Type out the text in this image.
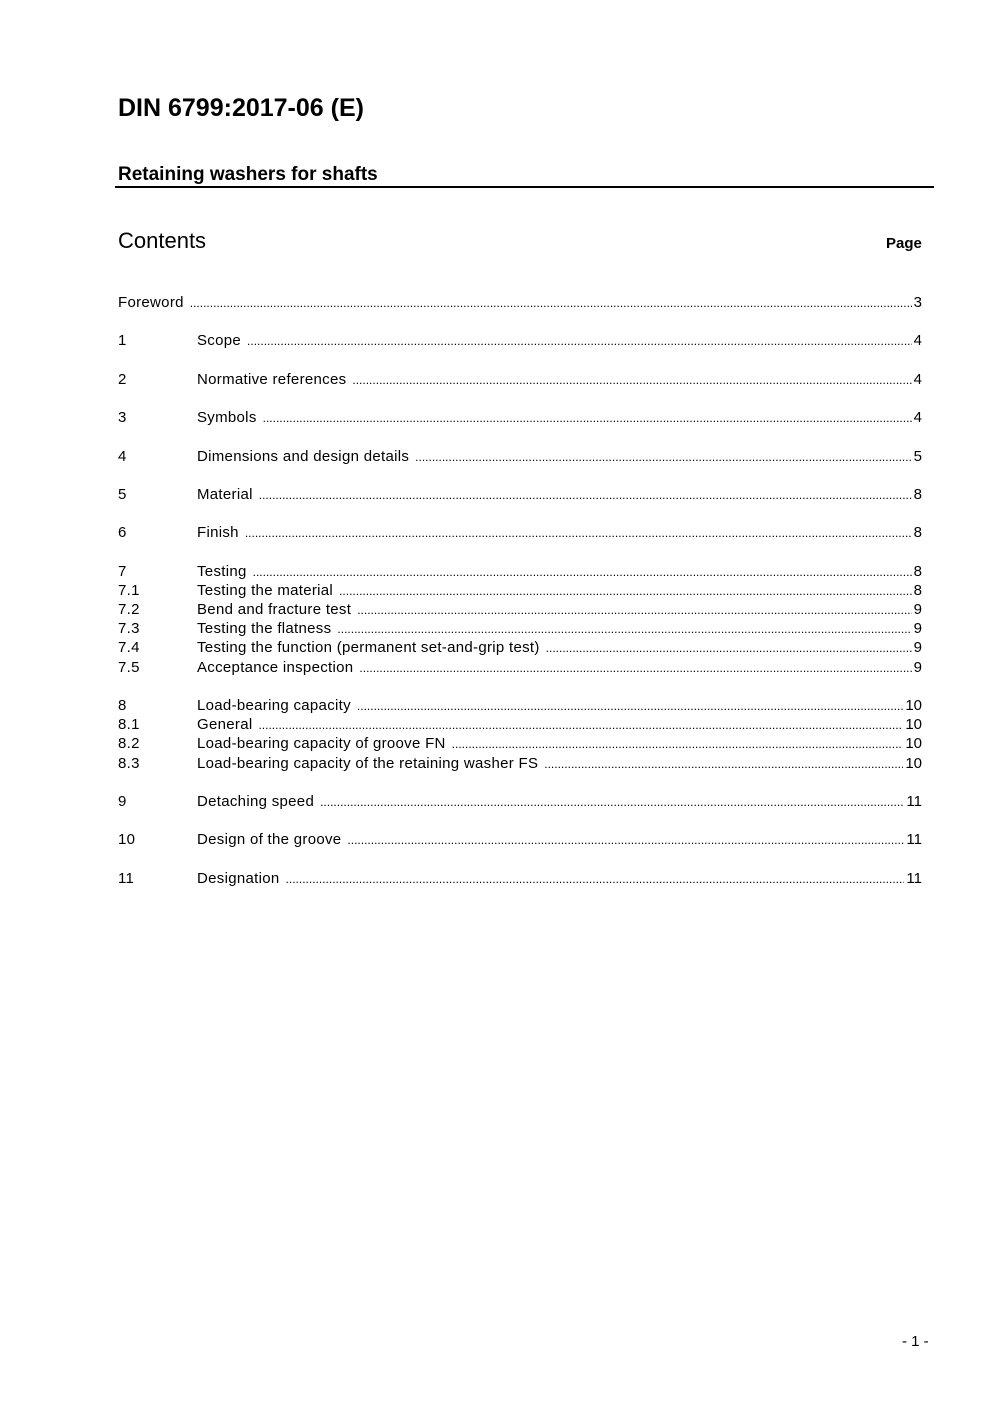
DIN 6799:2017-06 (E)
Retaining washers for shafts
Contents	Page
Foreword .....	3
1	Scope .....	4
2	Normative references .....	4
3	Symbols .....	4
4	Dimensions and design details .....	5
5	Material .....	8
6	Finish .....	8
7	Testing .....	8
7.1	Testing the material .....	8
7.2	Bend and fracture test .....	9
7.3	Testing the flatness .....	9
7.4	Testing the function (permanent set-and-grip test) .....	9
7.5	Acceptance inspection .....	9
8	Load-bearing capacity .....	10
8.1	General .....	10
8.2	Load-bearing capacity of groove FN .....	10
8.3	Load-bearing capacity of the retaining washer FS .....	10
9	Detaching speed .....	11
10	Design of the groove .....	11
11	Designation .....	11
- 1 -
